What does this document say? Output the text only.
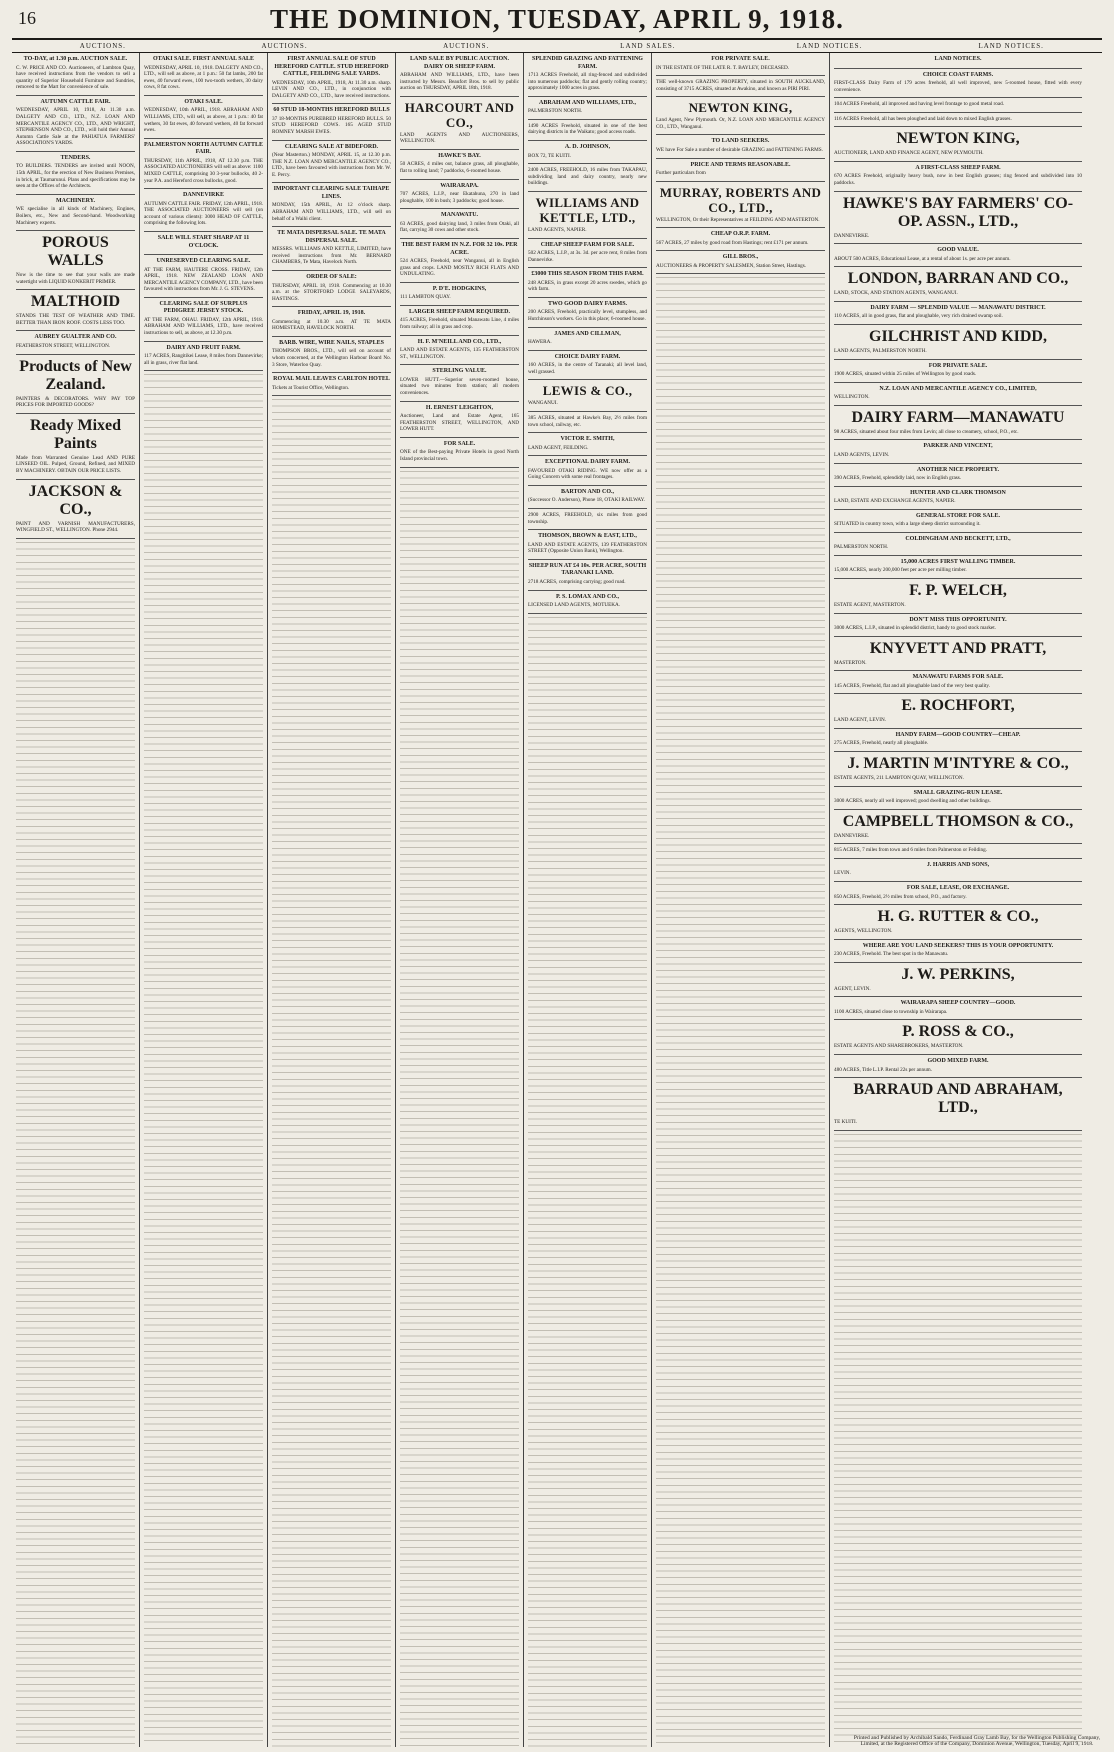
16	THE DOMINION, TUESDAY, APRIL 9, 1918.
AUCTIONS.	AUCTIONS.	AUCTIONS.	LAND SALES.	LAND NOTICES.	LAND NOTICES.
TO-DAY, at 1.30 p.m. AUCTION SALE.
C. W. PRICE AND CO. Auctioneers, of Lambton Quay, have received instructions from the vendors to sell a quantity of Superior Household Furniture and Sundries, removed to the Mart for convenience of sale.
AUTUMN CATTLE FAIR.
WEDNESDAY, APRIL 10, 1918, At 11.30 a.m. DALGETY AND CO., LTD., N.Z. LOAN AND MERCANTILE AGENCY CO., LTD., AND WRIGHT, STEPHENSON AND CO., LTD., will hold their Annual Autumn Cattle Sale at the PAHIATUA FARMERS' ASSOCIATION'S YARDS.
TENDERS.
TO BUILDERS. TENDERS are invited until NOON, 15th APRIL, for the erection of New Business Premises, in brick, at Taumarunui. Plans and specifications may be seen at the Offices of the Architects.
MACHINERY.
WE specialise in all kinds of Machinery, Engines, Boilers, etc., New and Second-hand. Woodworking Machinery experts.
POROUS WALLS
Now is the time to see that your walls are made watertight with LIQUID KONKERIT PRIMER.
MALTHOID
STANDS THE TEST OF WEATHER AND TIME. BETTER THAN IRON ROOF. COSTS LESS TOO.
AUBREY GUALTER AND CO.
FEATHERSTON STREET, WELLINGTON.
Products of New Zealand.
PAINTERS & DECORATORS. WHY PAY TOP PRICES FOR IMPORTED GOODS?
Ready Mixed Paints
Made from Warranted Genuine Lead AND PURE LINSEED OIL. Pulped, Ground, Refined, and MIXED BY MACHINERY. OBTAIN OUR PRICE LISTS.
JACKSON & CO.,
PAINT AND VARNISH MANUFACTURERS, WINGFIELD ST., WELLINGTON. Phone 2944.
OTAKI SALE. FIRST ANNUAL SALE
WEDNESDAY, APRIL 10, 1918. DALGETY AND CO., LTD., will sell as above, at 1 p.m.: 50 fat lambs, 200 fat ewes, 40 forward ewes, 100 two-tooth wethers, 30 dairy cows, 8 fat cows.
OTAKI SALE.
WEDNESDAY, 10th APRIL, 1918. ABRAHAM AND WILLIAMS, LTD., will sell, as above, at 1 p.m.: 40 fat wethers, 30 fat ewes, 40 forward wethers, 40 fat forward ewes.
PALMERSTON NORTH AUTUMN CATTLE FAIR.
THURSDAY, 11th APRIL, 1918, AT 12.30 p.m. THE ASSOCIATED AUCTIONEERS will sell as above: 1100 MIXED CATTLE, comprising 30 3-year bullocks, 40 2-year P.A. and Hereford cross bullocks, good.
DANNEVIRKE
AUTUMN CATTLE FAIR. FRIDAY, 12th APRIL, 1918. THE ASSOCIATED AUCTIONEERS will sell (on account of various clients): 3000 HEAD OF CATTLE, comprising the following lots.
SALE WILL START SHARP AT 11 O'CLOCK.
UNRESERVED CLEARING SALE.
AT THE FARM, HAUTERE CROSS. FRIDAY, 12th APRIL, 1918. NEW ZEALAND LOAN AND MERCANTILE AGENCY COMPANY, LTD., have been favoured with instructions from Mr. J. G. STEVENS.
CLEARING SALE OF SURPLUS PEDIGREE JERSEY STOCK.
AT THE FARM, OHAU. FRIDAY, 12th APRIL, 1918. ABRAHAM AND WILLIAMS, LTD., have received instructions to sell, as above, at 12.30 p.m.
DAIRY AND FRUIT FARM.
117 ACRES, Rangitikei Lease, 8 miles from Dannevirke; all in grass, river flat land.
FIRST ANNUAL SALE OF STUD HEREFORD CATTLE. STUD HEREFORD CATTLE, FEILDING SALE YARDS.
WEDNESDAY, 10th APRIL, 1918, At 11.30 a.m. sharp. LEVIN AND CO., LTD., in conjunction with DALGETY AND CO., LTD., have received instructions.
60 STUD 18-MONTHS HEREFORD BULLS
37 18-MONTHS PUREBRED HEREFORD BULLS. 50 STUD HEREFORD COWS. 165 AGED STUD ROMNEY MARSH EWES.
CLEARING SALE AT BIDEFORD.
(Near Masterton.) MONDAY, APRIL 15, at 12.30 p.m. THE N.Z. LOAN AND MERCANTILE AGENCY CO., LTD., have been favoured with instructions from Mr. W. E. Percy.
IMPORTANT CLEARING SALE TAIHAPE LINES.
MONDAY, 15th APRIL, At 12 o'clock sharp. ABRAHAM AND WILLIAMS, LTD., will sell on behalf of a Waihi client.
TE MATA DISPERSAL SALE. TE MATA DISPERSAL SALE.
MESSRS. WILLIAMS AND KETTLE, LIMITED, have received instructions from Mr. BERNARD CHAMBERS, Te Mata, Havelock North.
ORDER OF SALE:
THURSDAY, APRIL 18, 1918. Commencing at 10.30 a.m. at the STORTFORD LODGE SALEYARDS, HASTINGS.
FRIDAY, APRIL 19, 1918.
Commencing at 10.30 a.m. AT TE MATA HOMESTEAD, HAVELOCK NORTH.
BARB. WIRE, WIRE NAILS, STAPLES
THOMPSON BROS., LTD., will sell on account of whom concerned, at the Wellington Harbour Board No. 3 Store, Waterloo Quay.
ROYAL MAIL LEAVES CARLTON HOTEL
Tickets at Tourist Office, Wellington.
LAND SALE BY PUBLIC AUCTION. DAIRY OR SHEEP FARM.
ABRAHAM AND WILLIAMS, LTD., have been instructed by Messrs. Beaufort Bros. to sell by public auction on THURSDAY, APRIL 18th, 1918.
HARCOURT AND CO.,
LAND AGENTS AND AUCTIONEERS, WELLINGTON.
HAWKE'S BAY.
50 ACRES, 4 miles out, balance grass, all ploughable, flat to rolling land; 7 paddocks, 6-roomed house.
WAIRARAPA.
707 ACRES, L.I.P., near Ekatahuna, 270 in land ploughable, 100 in bush; 3 paddocks; good house.
MANAWATU.
63 ACRES, good dairying land, 3 miles from Otaki, all flat, carrying 30 cows and other stock.
THE BEST FARM IN N.Z. FOR 32 10s. PER ACRE.
524 ACRES, Freehold, near Wanganui, all in English grass and crops. LAND MOSTLY RICH FLATS AND UNDULATING.
P. D'E. HODGKINS,
111 LAMBTON QUAY.
LARGER SHEEP FARM REQUIRED.
415 ACRES, Freehold, situated Manawatu Line, 4 miles from railway; all in grass and crop.
H. F. M'NEILL AND CO., LTD.,
LAND AND ESTATE AGENTS, 135 FEATHERSTON ST., WELLINGTON.
STERLING VALUE.
LOWER HUTT.—Superior seven-roomed house, situated two minutes from station; all modern conveniences.
H. ERNEST LEIGHTON,
Auctioneer, Land and Estate Agent, 165 FEATHERSTON STREET, WELLINGTON, AND LOWER HUTT.
FOR SALE.
ONE of the Best-paying Private Hotels in good North Island provincial town.
SPLENDID GRAZING AND FATTENING FARM.
1713 ACRES Freehold, all ring-fenced and subdivided into numerous paddocks; flat and gently rolling country; approximately 1000 acres in grass.
ABRAHAM AND WILLIAMS, LTD.,
PALMERSTON NORTH.
1490 ACRES Freehold, situated in one of the best dairying districts in the Waikato; good access roads.
A. D. JOHNSON,
BOX 72, TE KUITI.
2400 ACRES, FREEHOLD, 16 miles from TAKAPAU, subdividing land and dairy country, nearly new buildings.
WILLIAMS AND KETTLE, LTD.,
LAND AGENTS, NAPIER.
CHEAP SHEEP FARM FOR SALE.
502 ACRES, L.I.P., at 3s. 3d. per acre rent, 8 miles from Dannevirke.
£3000 THIS SEASON FROM THIS FARM.
248 ACRES, in grass except 20 acres swedes, which go with farm.
TWO GOOD DAIRY FARMS.
200 ACRES, Freehold, practically level, stumpless, and Hutchinson's workers. Go in this place; 6-roomed house.
JAMES AND CILLMAN,
HAWERA.
CHOICE DAIRY FARM.
160 ACRES, in the centre of Taranaki; all level land, well grassed.
LEWIS & CO.,
WANGANUI.
385 ACRES, situated at Hawke's Bay, 2½ miles from town school, railway, etc.
VICTOR E. SMITH,
LAND AGENT, FEILDING.
EXCEPTIONAL DAIRY FARM.
FAVOURED OTAKI RIDING. WE now offer as a Going Concern with some real frontages.
BARTON AND CO.,
(Successor O. Anderson), Phone 18, OTAKI RAILWAY.
2900 ACRES, FREEHOLD, six miles from good township.
THOMSON, BROWN & EAST, LTD.,
LAND AND ESTATE AGENTS, 139 FEATHERSTON STREET (Opposite Union Bank), Wellington.
SHEEP RUN AT £4 10s. PER ACRE, SOUTH TARANAKI LAND.
2718 ACRES, comprising carrying; good road.
P. S. LOMAX AND CO.,
LICENSED LAND AGENTS, MOTUEKA.
FOR PRIVATE SALE.
IN THE ESTATE OF THE LATE R. T. BAYLEY, DECEASED.
THE well-known GRAZING PROPERTY, situated in SOUTH AUCKLAND, consisting of 3715 ACRES, situated at Awakino, and known as PIRI PIRI.
NEWTON KING,
Land Agent, New Plymouth. Or, N.Z. LOAN AND MERCANTILE AGENCY CO., LTD., Wanganui.
TO LAND SEEKERS.
WE have For Sale a number of desirable GRAZING and FATTENING FARMS.
PRICE AND TERMS REASONABLE.
Further particulars from
MURRAY, ROBERTS AND CO., LTD.,
WELLINGTON, Or their Representatives at FEILDING AND MASTERTON.
CHEAP O.R.P. FARM.
567 ACRES, 27 miles by good road from Hastings; rent £171 per annum.
GILL BROS.,
AUCTIONEERS & PROPERTY SALESMEN, Station Street, Hastings.
LAND NOTICES.
CHOICE COAST FARMS.
FIRST-CLASS Dairy Farm of 179 acres freehold, all well improved, new 5-roomed house, fitted with every convenience.
104 ACRES Freehold, all improved and having level frontage to good metal road.
116 ACRES Freehold, all has been ploughed and laid down to mixed English grasses.
NEWTON KING,
AUCTIONEER, LAND AND FINANCE AGENT, NEW PLYMOUTH.
A FIRST-CLASS SHEEP FARM.
670 ACRES Freehold, originally heavy bush, now in best English grasses; ring fenced and subdivided into 10 paddocks.
HAWKE'S BAY FARMERS' CO-OP. ASSN., LTD.,
DANNEVIRKE.
GOOD VALUE.
ABOUT 500 ACRES, Educational Lease, at a rental of about 1s. per acre per annum.
LONDON, BARRAN AND CO.,
LAND, STOCK, AND STATION AGENTS, WANGANUI.
DAIRY FARM — SPLENDID VALUE — MANAWATU DISTRICT.
110 ACRES, all in good grass, flat and ploughable, very rich drained swamp soil.
GILCHRIST AND KIDD,
LAND AGENTS, PALMERSTON NORTH.
FOR PRIVATE SALE.
1900 ACRES, situated within 25 miles of Wellington by good roads.
N.Z. LOAN AND MERCANTILE AGENCY CO., LIMITED,
WELLINGTON.
DAIRY FARM—MANAWATU
98 ACRES, situated about four miles from Levin; all close to creamery, school, P.O., etc.
PARKER AND VINCENT,
LAND AGENTS, LEVIN.
ANOTHER NICE PROPERTY.
390 ACRES, Freehold, splendidly laid, now in English grass.
HUNTER AND CLARK THOMSON
LAND, ESTATE AND EXCHANGE AGENTS, NAPIER.
GENERAL STORE FOR SALE.
SITUATED in country town, with a large sheep district surrounding it.
COLDINGHAM AND BECKETT, LTD.,
PALMERSTON NORTH.
15,000 ACRES FIRST WALLING TIMBER.
15,000 ACRES, nearly 200,000 feet per acre per milling timber.
F. P. WELCH,
ESTATE AGENT, MASTERTON.
DON'T MISS THIS OPPORTUNITY.
3000 ACRES, L.I.P., situated in splendid district, handy to good stock market.
KNYVETT AND PRATT,
MASTERTON.
MANAWATU FARMS FOR SALE.
145 ACRES, Freehold, flat and all ploughable land of the very best quality.
E. ROCHFORT,
LAND AGENT, LEVIN.
HANDY FARM—GOOD COUNTRY—CHEAP.
275 ACRES, Freehold, nearly all ploughable.
J. MARTIN M'INTYRE & CO.,
ESTATE AGENTS, 211 LAMBTON QUAY, WELLINGTON.
SMALL GRAZING-RUN LEASE.
3000 ACRES, nearly all well improved; good dwelling and other buildings.
CAMPBELL THOMSON & CO.,
DANNEVIRKE.
815 ACRES, 7 miles from town and 6 miles from Palmerston or Feilding.
J. HARRIS AND SONS,
LEVIN.
FOR SALE, LEASE, OR EXCHANGE.
850 ACRES, Freehold, 2½ miles from school, P.O., and factory.
H. G. RUTTER & CO.,
AGENTS, WELLINGTON.
WHERE ARE YOU LAND SEEKERS? THIS IS YOUR OPPORTUNITY.
230 ACRES, Freehold. The best spot in the Manawatu.
J. W. PERKINS,
AGENT, LEVIN.
WAIRARAPA SHEEP COUNTRY—GOOD.
1100 ACRES, situated close to township in Wairarapa.
P. ROSS & CO.,
ESTATE AGENTS AND SHAREBROKERS, MASTERTON.
GOOD MIXED FARM.
480 ACRES, Title L.I.P. Rental 22s per annum.
BARRAUD AND ABRAHAM, LTD.,
TE KUITI.
Printed and Published by Archibald Sando, Ferdinand Gray Lamb Bay, for the Wellington Publishing Company, Limited, at the Registered Office of the Company, Dominion Avenue, Wellington, Tuesday, April 9, 1918.
